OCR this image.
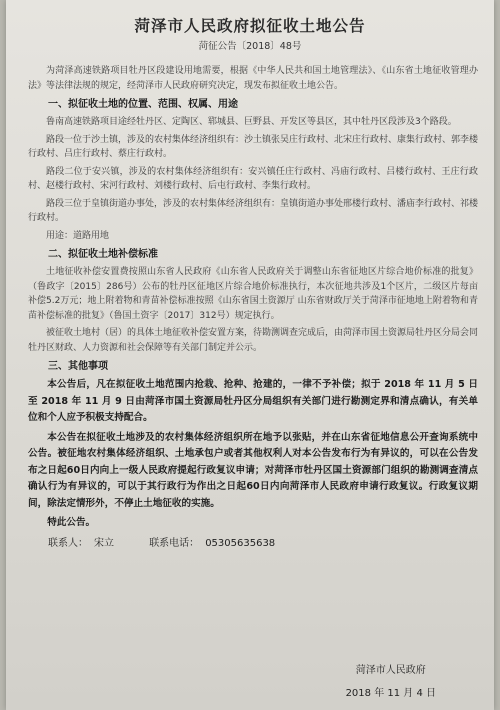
菏泽市人民政府拟征收土地公告
菏征公告〔2018〕48号

为菏泽高速铁路项目牡丹区段建设用地需要，根据《中华人民共和国土地管理法》、《山东省土地征收管理办法》等法律法规的规定，经菏泽市人民政府研究决定，现发布拟征收土地公告。

一、拟征收土地的位置、范围、权属、用途

鲁南高速铁路项目途经牡丹区、定陶区、郓城县、巨野县、开发区等县区，其中牡丹区段涉及3个路段。

路段一位于沙土镇，涉及的农村集体经济组织有：沙土镇张吴庄行政村、北宋庄行政村、康集行政村、郭李楼行政村、吕庄行政村、蔡庄行政村。

路段二位于安兴镇，涉及的农村集体经济组织有：安兴镇任庄行政村、冯庙行政村、吕楼行政村、王庄行政村、赵楼行政村、宋河行政村、刘楼行政村、后屯行政村、李集行政村。

路段三位于皇镇街道办事处，涉及的农村集体经济组织有：皇镇街道办事处邢楼行政村、潘庙李行政村、祁楼行政村。

用途：道路用地

二、拟征收土地补偿标准

土地征收补偿安置费按照山东省人民政府《山东省人民政府关于调整山东省征地区片综合地价标准的批复》（鲁政字〔2015〕286号）公布的牡丹区征地区片综合地价标准执行，本次征地共涉及1个区片，二级区片每亩补偿5.2万元；地上附着物和青苗补偿标准按照《山东省国土资源厅 山东省财政厅关于菏泽市征地地上附着物和青苗补偿标准的批复》（鲁国土资字〔2017〕312号）规定执行。

被征收土地村（居）的具体土地征收补偿安置方案，待勘测调查完成后，由菏泽市国土资源局牡丹区分局会同牡丹区财政、人力资源和社会保障等有关部门制定并公示。

三、其他事项

本公告后，凡在拟征收土地范围内抢栽、抢种、抢建的，一律不予补偿；拟于 2018 年 11 月 5 日至 2018 年 11 月 9 日由菏泽市国土资源局牡丹区分局组织有关部门进行勘测定界和清点确认，有关单位和个人应予积极支持配合。

本公告在拟征收土地涉及的农村集体经济组织所在地予以张贴，并在山东省征地信息公开查询系统中公告。被征地农村集体经济组织、土地承包户或者其他权利人对本公告发布行为有异议的，可以在公告发布之日起60日内向上一级人民政府提起行政复议申请；对菏泽市牡丹区国土资源部门组织的勘测调查清点确认行为有异议的，可以于其行政行为作出之日起60日内向菏泽市人民政府申请行政复议。行政复议期间，除法定情形外，不停止土地征收的实施。

特此公告。

联系人： 宋立	联系电话： 05305635638
菏泽市人民政府
2018 年 11 月 4 日
